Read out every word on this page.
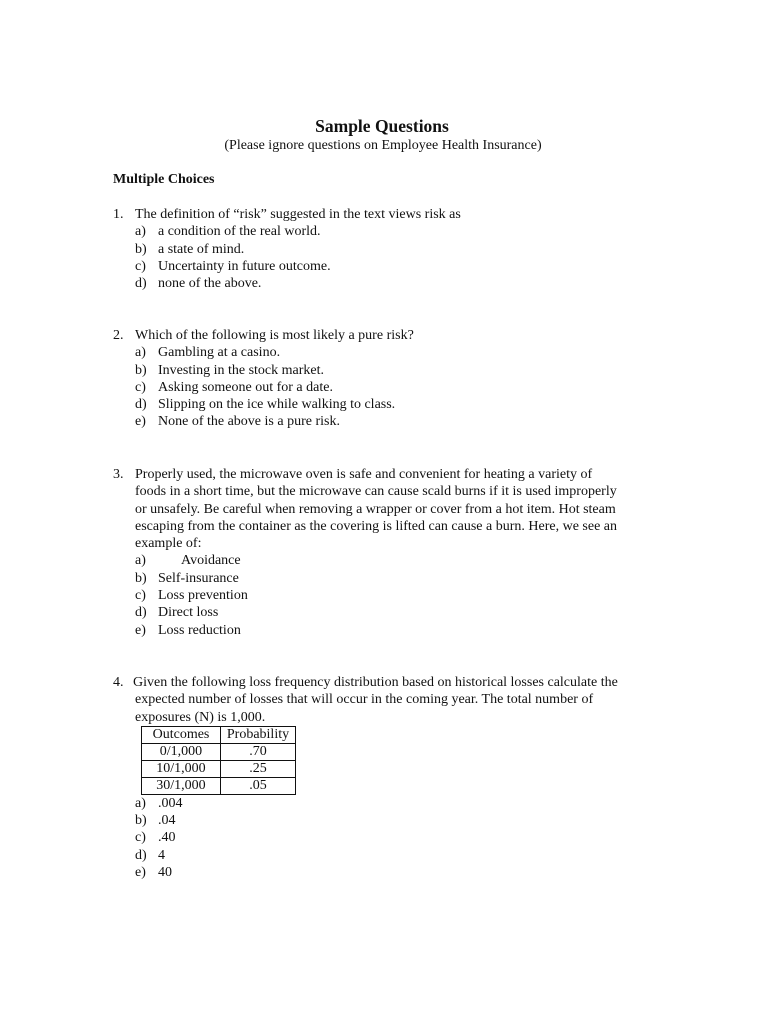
Sample Questions
(Please ignore questions on Employee Health Insurance)
Multiple Choices
1. The definition of “risk” suggested in the text views risk as
a) a condition of the real world.
b) a state of mind.
c) Uncertainty in future outcome.
d) none of the above.
2. Which of the following is most likely a pure risk?
a) Gambling at a casino.
b) Investing in the stock market.
c) Asking someone out for a date.
d) Slipping on the ice while walking to class.
e) None of the above is a pure risk.
3. Properly used, the microwave oven is safe and convenient for heating a variety of
foods in a short time, but the microwave can cause scald burns if it is used improperly
or unsafely. Be careful when removing a wrapper or cover from a hot item. Hot steam
escaping from the container as the covering is lifted can cause a burn. Here, we see an
example of:
a)	Avoidance
b) Self-insurance
c) Loss prevention
d) Direct loss
e) Loss reduction
4. Given the following loss frequency distribution based on historical losses calculate the
expected number of losses that will occur in the coming year. The total number of
exposures (N) is 1,000.
Outcomes	Probability
0/1,000	.70
10/1,000	.25
30/1,000	.05
a) .004
b) .04
c) .40
d) 4
e) 40
